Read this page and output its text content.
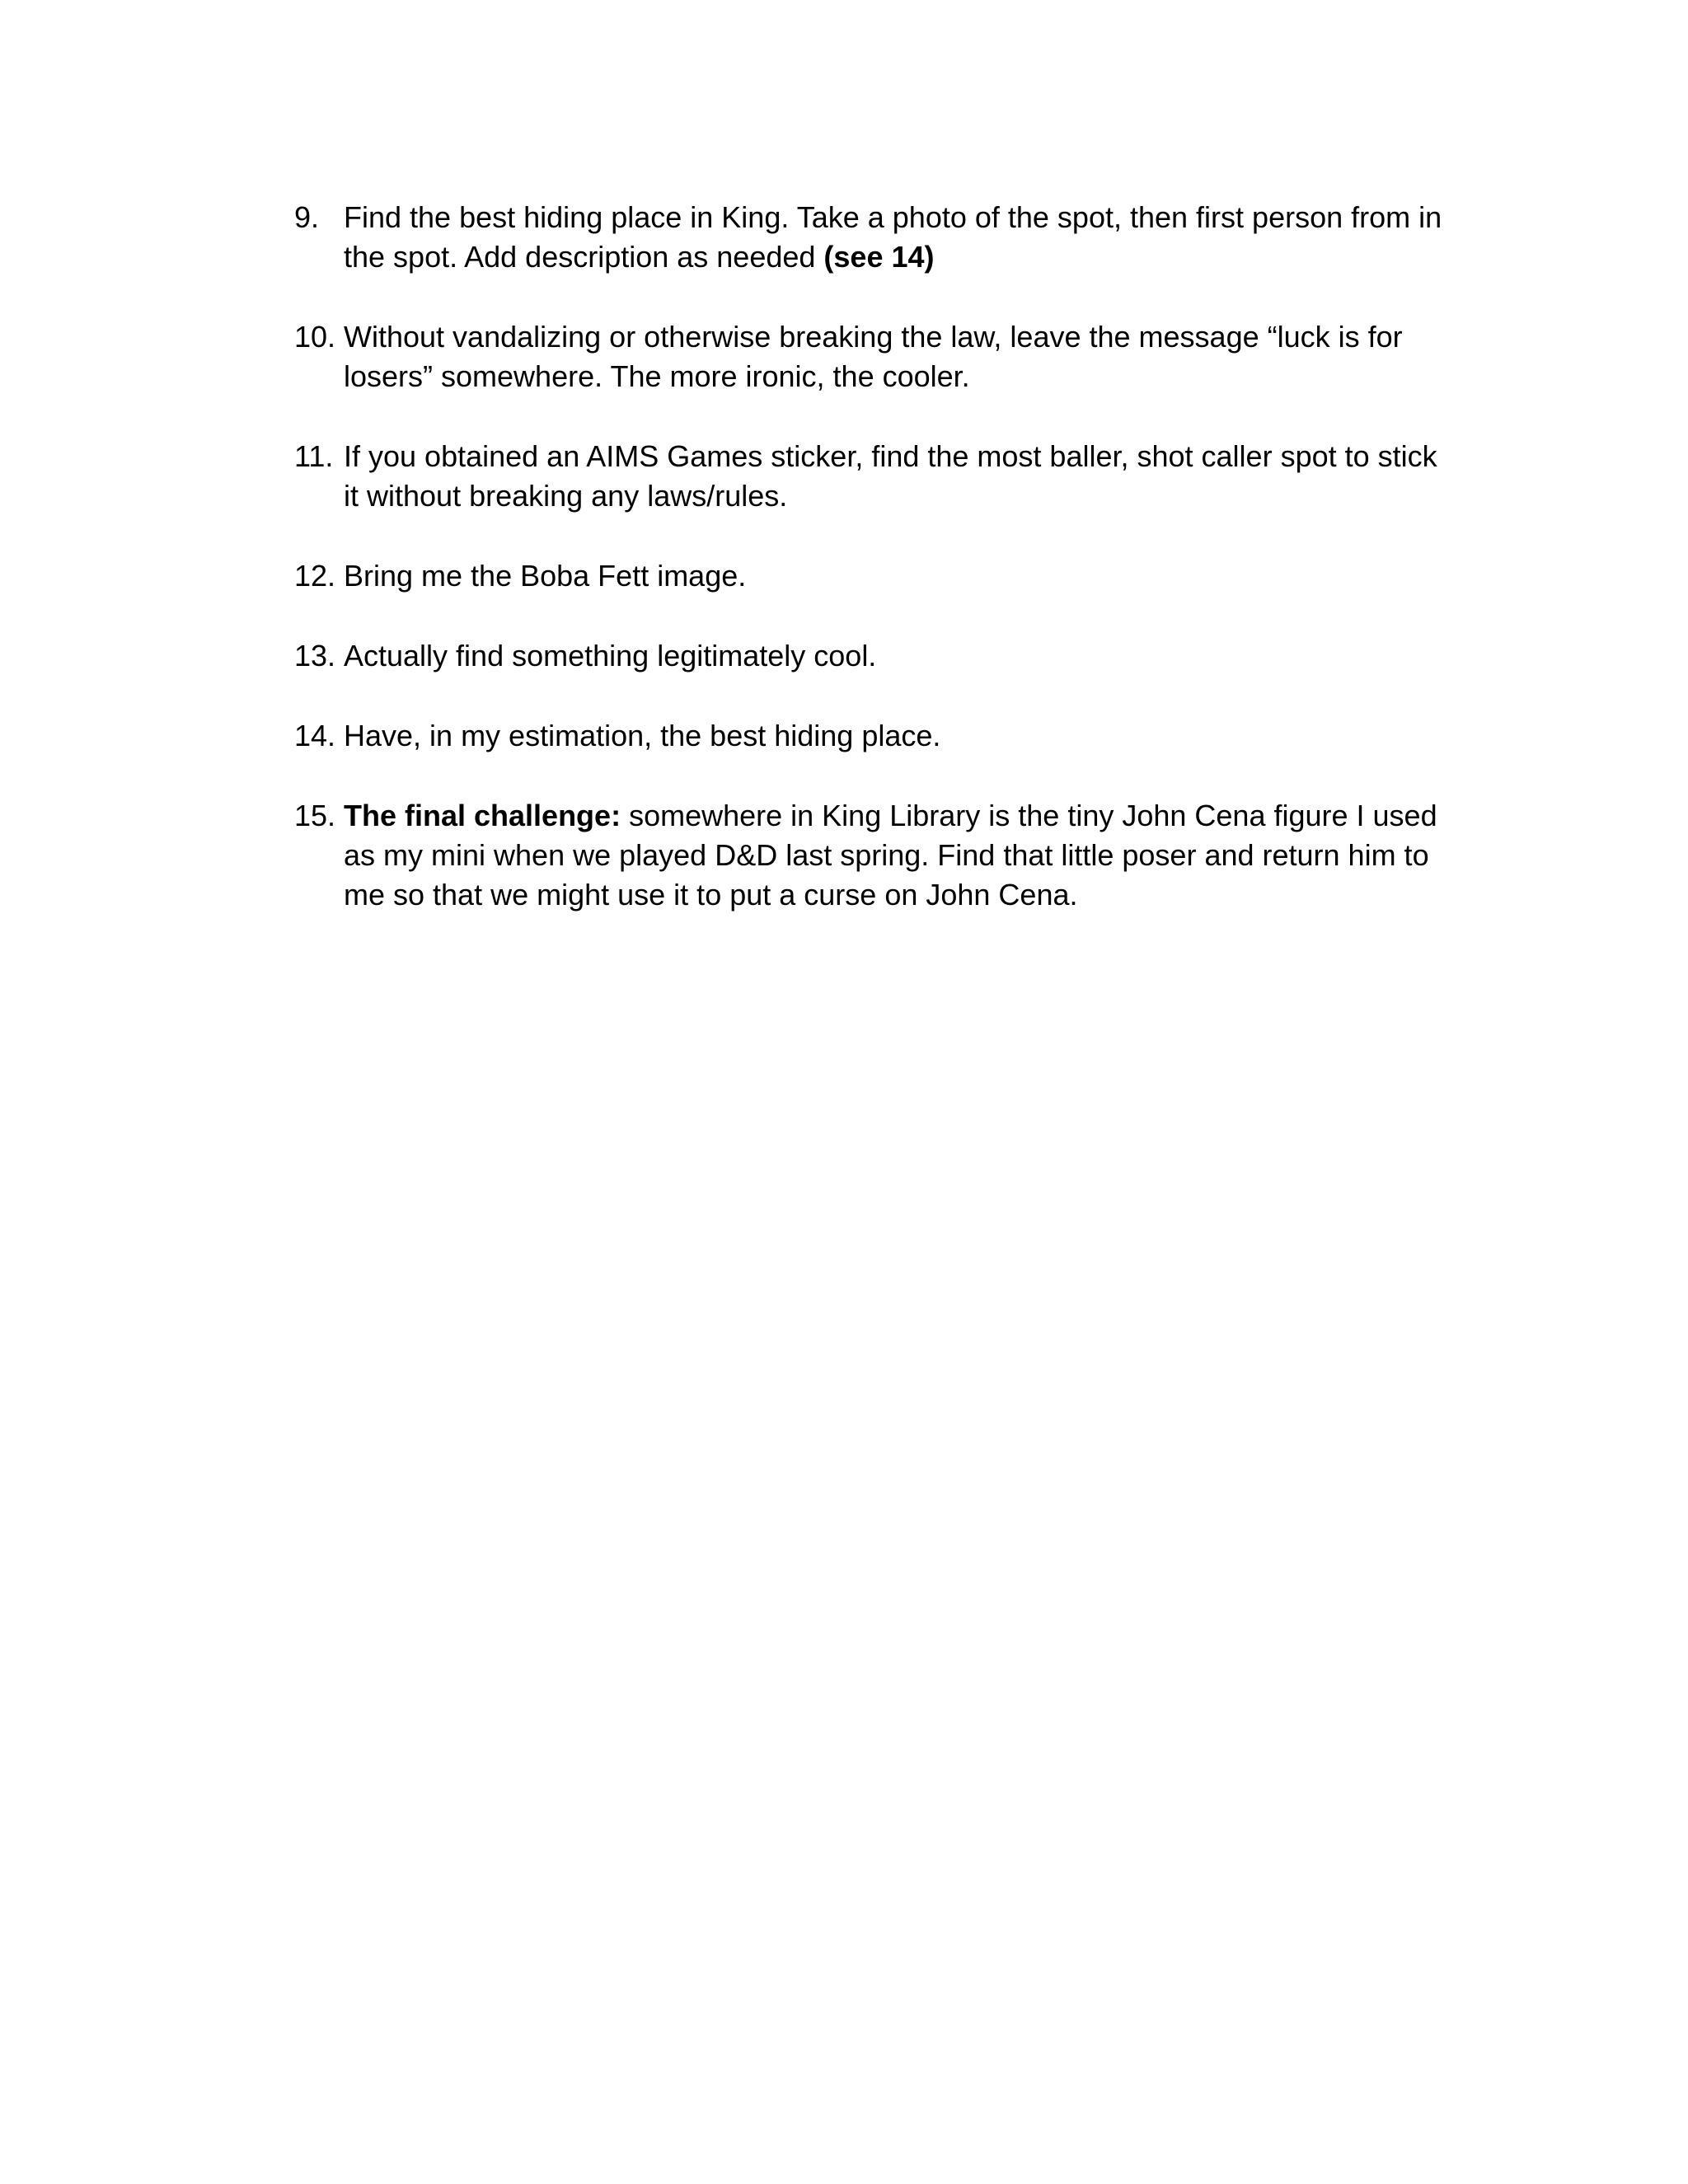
9. Find the best hiding place in King. Take a photo of the spot, then first person from in the spot. Add description as needed (see 14)
10. Without vandalizing or otherwise breaking the law, leave the message “luck is for losers” somewhere. The more ironic, the cooler.
11. If you obtained an AIMS Games sticker, find the most baller, shot caller spot to stick it without breaking any laws/rules.
12. Bring me the Boba Fett image.
13. Actually find something legitimately cool.
14. Have, in my estimation, the best hiding place.
15. The final challenge: somewhere in King Library is the tiny John Cena figure I used as my mini when we played D&D last spring. Find that little poser and return him to me so that we might use it to put a curse on John Cena.
